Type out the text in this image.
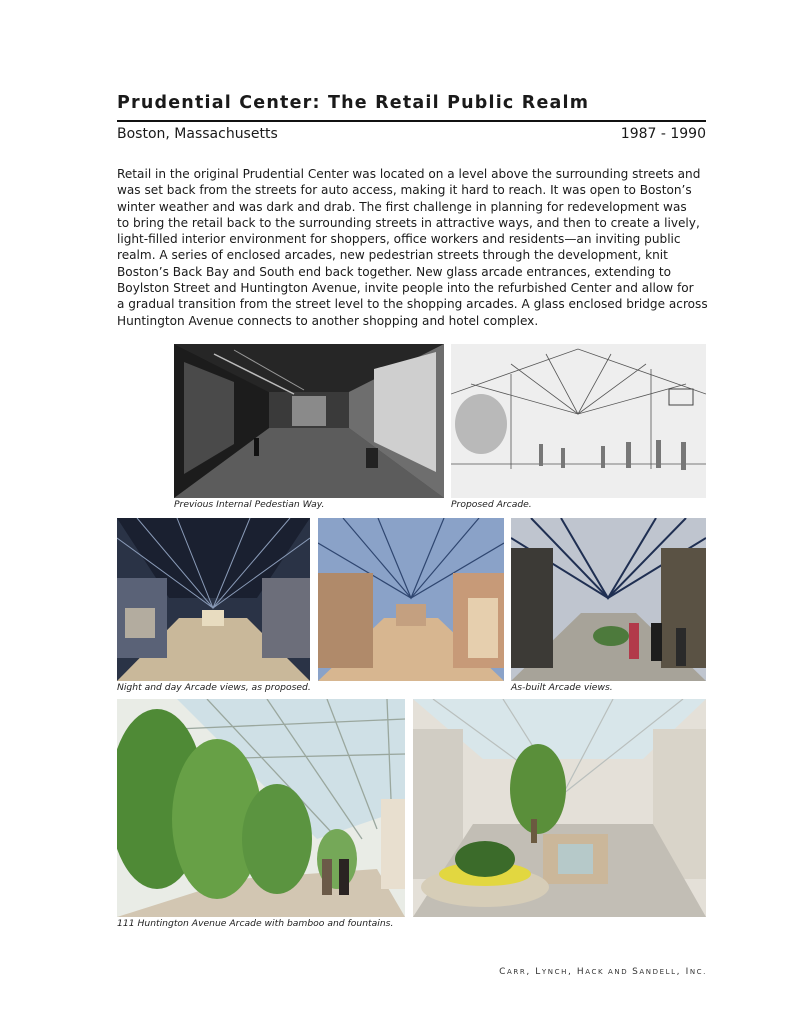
Prudential Center: The Retail Public Realm
Boston, Massachusetts	1987 - 1990
Retail in the original Prudential Center was located on a level above the surrounding streets and
was set back from the streets for auto access, making it hard to reach. It was open to Boston’s
winter weather and was dark and drab. The first challenge in planning for redevelopment was
to bring the retail back to the surrounding streets in attractive ways, and then to create a lively,
light-filled interior environment for shoppers, office workers and residents—an inviting public
realm. A series of enclosed arcades, new pedestrian streets through the development, knit
Boston’s Back Bay and South end back together. New glass arcade entrances, extending to
Boylston Street and Huntington Avenue, invite people into the refurbished Center and allow for
a gradual transition from the street level to the shopping arcades. A glass enclosed bridge across
Huntington Avenue connects to another shopping and hotel complex.
Previous Internal Pedestian Way.	Proposed Arcade.
Night and day Arcade views, as proposed.	As-built Arcade views.
111 Huntington Avenue Arcade with bamboo and fountains.
CARR, LYNCH, HACK AND SANDELL, INC.
